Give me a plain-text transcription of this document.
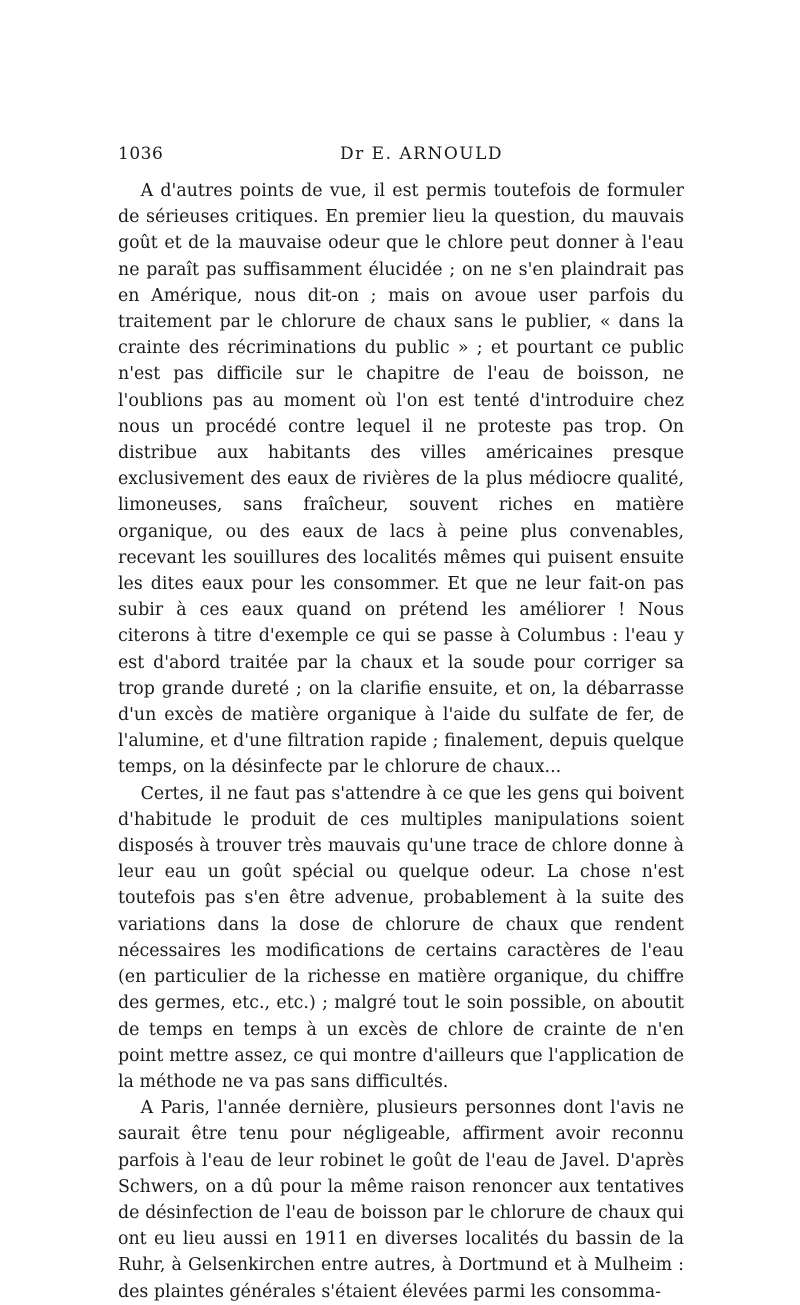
1036	Dr E. ARNOULD

A d'autres points de vue, il est permis toutefois de formuler de sérieuses critiques. En premier lieu la question, du mauvais goût et de la mauvaise odeur que le chlore peut donner à l'eau ne paraît pas suffisamment élucidée ; on ne s'en plaindrait pas en Amérique, nous dit-on ; mais on avoue user parfois du traitement par le chlorure de chaux sans le publier, « dans la crainte des récriminations du public » ; et pourtant ce public n'est pas difficile sur le chapitre de l'eau de boisson, ne l'oublions pas au moment où l'on est tenté d'introduire chez nous un procédé contre lequel il ne proteste pas trop. On distribue aux habitants des villes américaines presque exclusivement des eaux de rivières de la plus médiocre qualité, limoneuses, sans fraîcheur, souvent riches en matière organique, ou des eaux de lacs à peine plus convenables, recevant les souillures des localités mêmes qui puisent ensuite les dites eaux pour les consommer. Et que ne leur fait-on pas subir à ces eaux quand on prétend les améliorer ! Nous citerons à titre d'exemple ce qui se passe à Columbus : l'eau y est d'abord traitée par la chaux et la soude pour corriger sa trop grande dureté ; on la clarifie ensuite, et on, la débarrasse d'un excès de matière organique à l'aide du sulfate de fer, de l'alumine, et d'une filtration rapide ; finalement, depuis quelque temps, on la désinfecte par le chlorure de chaux...

Certes, il ne faut pas s'attendre à ce que les gens qui boivent d'habitude le produit de ces multiples manipulations soient disposés à trouver très mauvais qu'une trace de chlore donne à leur eau un goût spécial ou quelque odeur. La chose n'est toutefois pas s'en être advenue, probablement à la suite des variations dans la dose de chlorure de chaux que rendent nécessaires les modifications de certains caractères de l'eau (en particulier de la richesse en matière organique, du chiffre des germes, etc., etc.) ; malgré tout le soin possible, on aboutit de temps en temps à un excès de chlore de crainte de n'en point mettre assez, ce qui montre d'ailleurs que l'application de la méthode ne va pas sans difficultés.

A Paris, l'année dernière, plusieurs personnes dont l'avis ne saurait être tenu pour négligeable, affirment avoir reconnu parfois à l'eau de leur robinet le goût de l'eau de Javel. D'après Schwers, on a dû pour la même raison renoncer aux tentatives de désinfection de l'eau de boisson par le chlorure de chaux qui ont eu lieu aussi en 1911 en diverses localités du bassin de la Ruhr, à Gelsenkirchen entre autres, à Dortmund et à Mulheim : des plaintes générales s'étaient élevées parmi les consomma-
